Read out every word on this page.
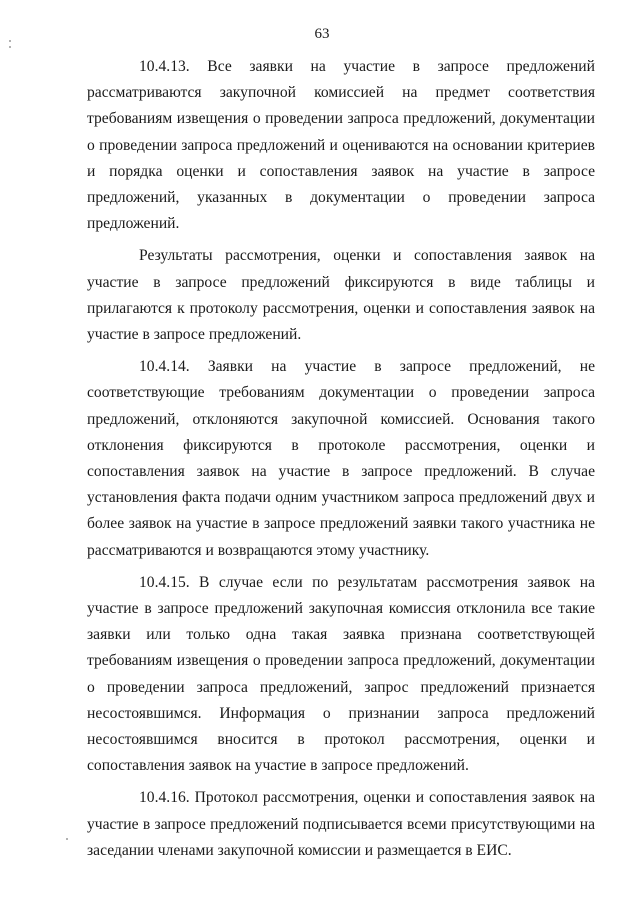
63

10.4.13. Все заявки на участие в запросе предложений рассматриваются закупочной комиссией на предмет соответствия требованиям извещения о проведении запроса предложений, документации о проведении запроса предложений и оцениваются на основании критериев и порядка оценки и сопоставления заявок на участие в запросе предложений, указанных в документации о проведении запроса предложений.

Результаты рассмотрения, оценки и сопоставления заявок на участие в запросе предложений фиксируются в виде таблицы и прилагаются к протоколу рассмотрения, оценки и сопоставления заявок на участие в запросе предложений.

10.4.14. Заявки на участие в запросе предложений, не соответствующие требованиям документации о проведении запроса предложений, отклоняются закупочной комиссией. Основания такого отклонения фиксируются в протоколе рассмотрения, оценки и сопоставления заявок на участие в запросе предложений. В случае установления факта подачи одним участником запроса предложений двух и более заявок на участие в запросе предложений заявки такого участника не рассматриваются и возвращаются этому участнику.

10.4.15. В случае если по результатам рассмотрения заявок на участие в запросе предложений закупочная комиссия отклонила все такие заявки или только одна такая заявка признана соответствующей требованиям извещения о проведении запроса предложений, документации о проведении запроса предложений, запрос предложений признается несостоявшимся. Информация о признании запроса предложений несостоявшимся вносится в протокол рассмотрения, оценки и сопоставления заявок на участие в запросе предложений.

10.4.16. Протокол рассмотрения, оценки и сопоставления заявок на участие в запросе предложений подписывается всеми присутствующими на заседании членами закупочной комиссии и размещается в ЕИС.
